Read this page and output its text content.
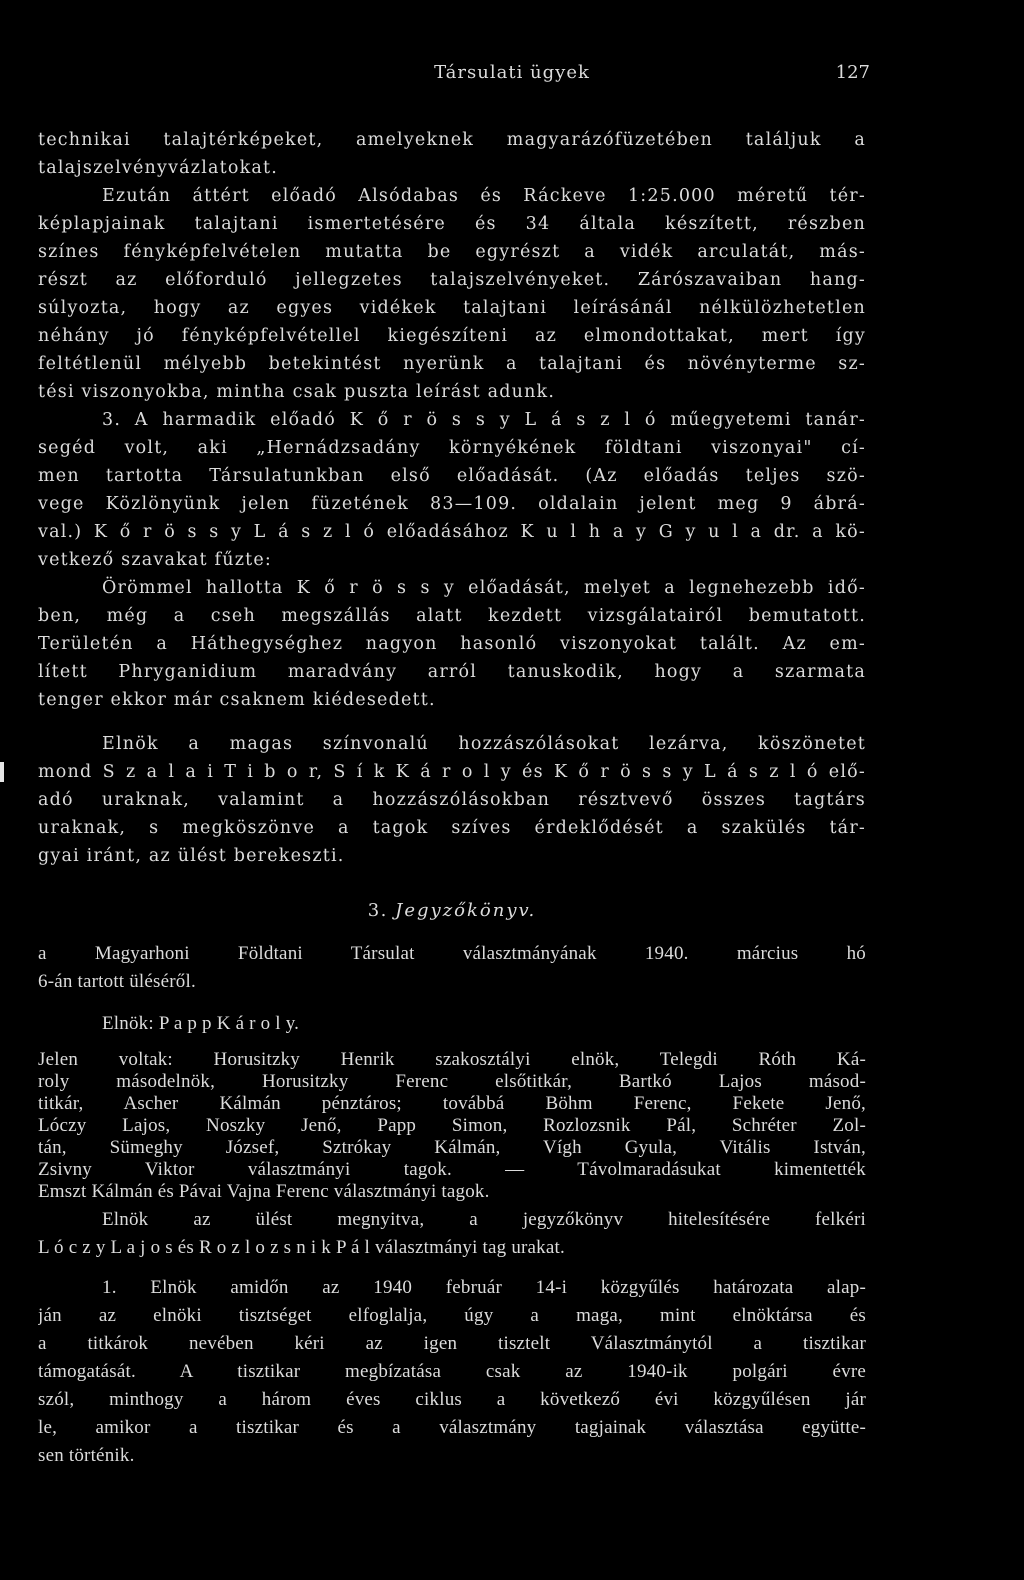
Társulati ügyek	127
technikai talajtérképeket, amelyeknek magyarázófüzetében találjuk a
talajszelvényvázlatokat.
Ezután áttért előadó Alsódabas és Ráckeve 1:25.000 méretű tér-
képlapjainak talajtani ismertetésére és 34 általa készített, részben
színes fényképfelvételen mutatta be egyrészt a vidék arculatát, más-
részt az előforduló jellegzetes talajszelvényeket. Zárószavaiban hang-
súlyozta, hogy az egyes vidékek talajtani leírásánál nélkülözhetetlen
néhány jó fényképfelvétellel kiegészíteni az elmondottakat, mert így
feltétlenül mélyebb betekintést nyerünk a talajtani és növényterme sz-
tési viszonyokba, mintha csak puszta leírást adunk.
3. A harmadik előadó K ő r ö s s y L á s z l ó műegyetemi tanár-
segéd volt, aki „Hernádzsadány környékének földtani viszonyai" cí-
men tartotta Társulatunkban első előadását. (Az előadás teljes szö-
vege Közlönyünk jelen füzetének 83—109. oldalain jelent meg 9 ábrá-
val.) K ő r ö s s y L á s z l ó előadásához K u l h a y G y u l a dr. a kö-
vetkező szavakat fűzte:
Örömmel hallotta K ő r ö s s y előadását, melyet a legnehezebb idő-
ben, még a cseh megszállás alatt kezdett vizsgálatairól bemutatott.
Területén a Háthegységhez nagyon hasonló viszonyokat talált. Az em-
lített Phryganidium maradvány arról tanuskodik, hogy a szarmata
tenger ekkor már csaknem kiédesedett.
Elnök a magas színvonalú hozzászólásokat lezárva, köszönetet
mond S z a l a i T i b o r, S í k K á r o l y és K ő r ö s s y L á s z l ó elő-
adó uraknak, valamint a hozzászólásokban résztvevő összes tagtárs
uraknak, s megköszönve a tagok szíves érdeklődését a szakülés tár-
gyai iránt, az ülést berekeszti.
3. Jegyzőkönyv.
a Magyarhoni Földtani Társulat választmányának 1940. március hó
6-án tartott üléséről.
Elnök: P a p p K á r o l y.
Jelen voltak: Horusitzky Henrik szakosztályi elnök, Telegdi Róth Ká-
roly másodelnök, Horusitzky Ferenc elsőtitkár, Bartkó Lajos másod-
titkár, Ascher Kálmán pénztáros; továbbá Böhm Ferenc, Fekete Jenő,
Lóczy Lajos, Noszky Jenő, Papp Simon, Rozlozsnik Pál, Schréter Zol-
tán, Sümeghy József, Sztrókay Kálmán, Vígh Gyula, Vitális István,
Zsivny Viktor választmányi tagok. — Távolmaradásukat kimentették
Emszt Kálmán és Pávai Vajna Ferenc választmányi tagok.
Elnök az ülést megnyitva, a jegyzőkönyv hitelesítésére felkéri
L ó c z y L a j o s és R o z l o z s n i k P á l választmányi tag urakat.
1. Elnök amidőn az 1940 február 14-i közgyűlés határozata alap-
ján az elnöki tisztséget elfoglalja, úgy a maga, mint elnöktársa és
a titkárok nevében kéri az igen tisztelt Választmánytól a tisztikar
támogatását. A tisztikar megbízatása csak az 1940-ik polgári évre
szól, minthogy a három éves ciklus a következő évi közgyűlésen jár
le, amikor a tisztikar és a választmány tagjainak választása együtte-
sen történik.
